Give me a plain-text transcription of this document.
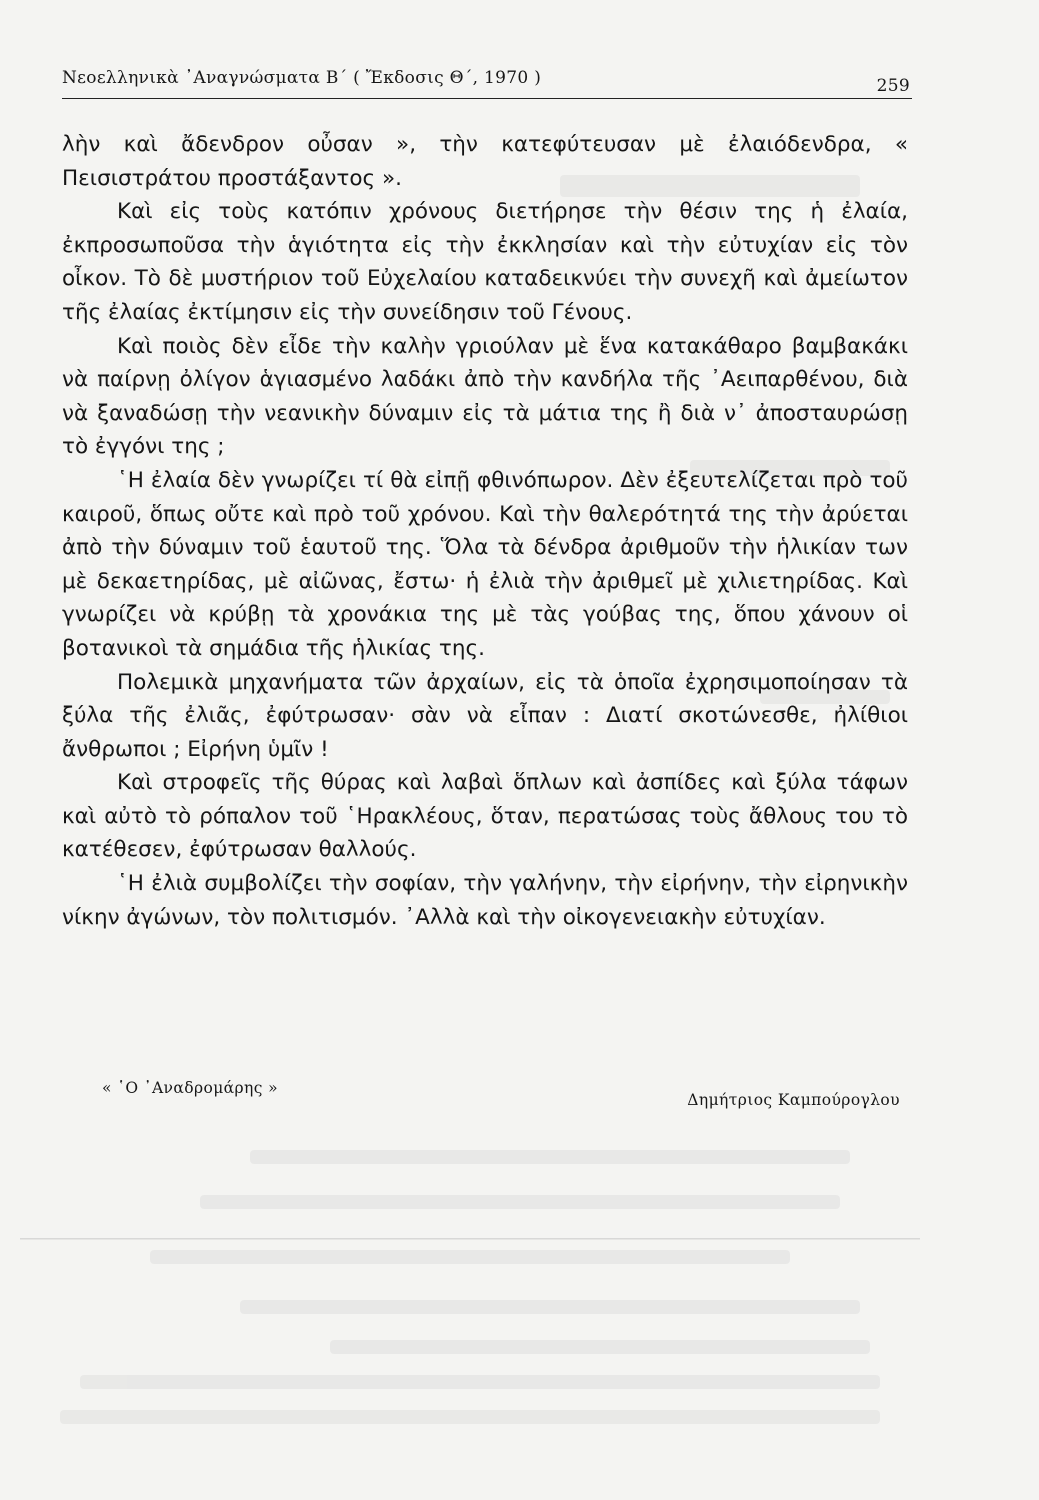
Νεοελληνικὰ ᾿Αναγνώσματα Β΄ ( Ἔκδοσις Θ΄, 1970 )	259

λὴν καὶ ἄδενδρον οὖσαν », τὴν κατεφύτευσαν μὲ ἐλαιόδενδρα, « Πεισιστράτου προστάξαντος ».

Καὶ εἰς τοὺς κατόπιν χρόνους διετήρησε τὴν θέσιν της ἡ ἐλαία, ἐκπροσωποῦσα τὴν ἁγιότητα εἰς τὴν ἐκκλησίαν καὶ τὴν εὐτυχίαν εἰς τὸν οἶκον. Τὸ δὲ μυστήριον τοῦ Εὐχελαίου καταδεικνύει τὴν συνεχῆ καὶ ἀμείωτον τῆς ἐλαίας ἐκτίμησιν εἰς τὴν συνείδησιν τοῦ Γένους.

Καὶ ποιὸς δὲν εἶδε τὴν καλὴν γριούλαν μὲ ἕνα κατακάθαρο βαμβακάκι νὰ παίρνῃ ὀλίγον ἁγιασμένο λαδάκι ἀπὸ τὴν κανδήλα τῆς ᾿Αειπαρθένου, διὰ νὰ ξαναδώσῃ τὴν νεανικὴν δύναμιν εἰς τὰ μάτια της ἢ διὰ ν᾿ ἀποσταυρώσῃ τὸ ἐγγόνι της ;

῾Η ἐλαία δὲν γνωρίζει τί θὰ εἰπῇ φθινόπωρον. Δὲν ἐξευτελίζεται πρὸ τοῦ καιροῦ, ὅπως οὔτε καὶ πρὸ τοῦ χρόνου. Καὶ τὴν θαλερότητά της τὴν ἀρύεται ἀπὸ τὴν δύναμιν τοῦ ἑαυτοῦ της. Ὅλα τὰ δένδρα ἀριθμοῦν τὴν ἡλικίαν των μὲ δεκαετηρίδας, μὲ αἰῶνας, ἔστω· ἡ ἐλιὰ τὴν ἀριθμεῖ μὲ χιλιετηρίδας. Καὶ γνωρίζει νὰ κρύβῃ τὰ χρονάκια της μὲ τὰς γούβας της, ὅπου χάνουν οἱ βοτανικοὶ τὰ σημάδια τῆς ἡλικίας της.

Πολεμικὰ μηχανήματα τῶν ἀρχαίων, εἰς τὰ ὁποῖα ἐχρησιμοποίησαν τὰ ξύλα τῆς ἐλιᾶς, ἐφύτρωσαν· σὰν νὰ εἶπαν : Διατί σκοτώνεσθε, ἠλίθιοι ἄνθρωποι ; Εἰρήνη ὑμῖν !

Καὶ στροφεῖς τῆς θύρας καὶ λαβαὶ ὅπλων καὶ ἀσπίδες καὶ ξύλα τάφων καὶ αὐτὸ τὸ ρόπαλον τοῦ ῾Ηρακλέους, ὅταν, περατώσας τοὺς ἄθλους του τὸ κατέθεσεν, ἐφύτρωσαν θαλλούς.

῾Η ἐλιὰ συμβολίζει τὴν σοφίαν, τὴν γαλήνην, τὴν εἰρήνην, τὴν εἰρηνικὴν νίκην ἀγώνων, τὸν πολιτισμόν. ᾿Αλλὰ καὶ τὴν οἰκογενειακὴν εὐτυχίαν.

« ῾Ο ᾿Αναδρομάρης »
Δημήτριος Καμπούρογλου
